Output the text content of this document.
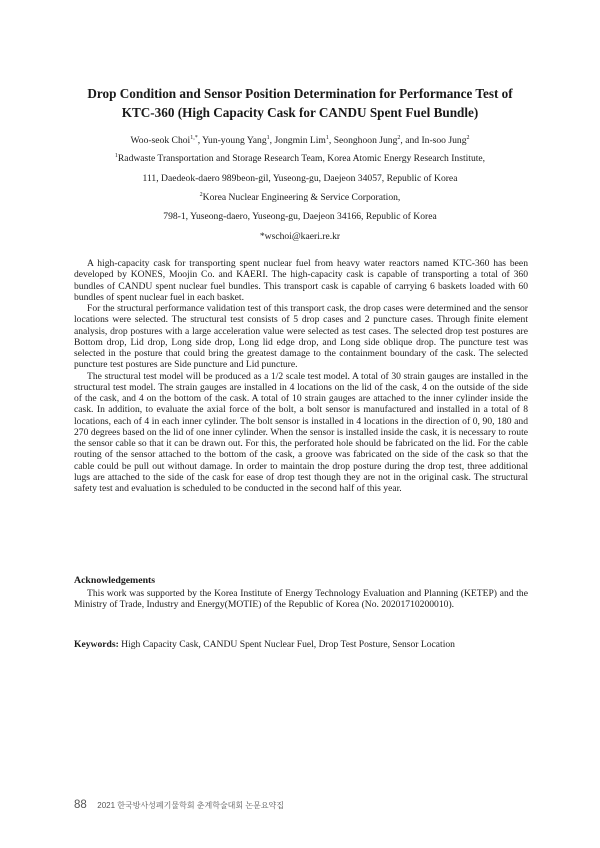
Drop Condition and Sensor Position Determination for Performance Test of
KTC-360 (High Capacity Cask for CANDU Spent Fuel Bundle)
Woo-seok Choi$^{1,*}$, Yun-young Yang$^1$, Jongmin Lim$^1$, Seonghoon Jung$^2$, and In-soo Jung$^2$
$^1$Radwaste Transportation and Storage Research Team, Korea Atomic Energy Research Institute,
111, Daedeok-daero 989beon-gil, Yuseong-gu, Daejeon 34057, Republic of Korea
$^2$Korea Nuclear Engineering & Service Corporation,
798-1, Yuseong-daero, Yuseong-gu, Daejeon 34166, Republic of Korea
*wschoi@kaeri.re.kr

A high-capacity cask for transporting spent nuclear fuel from heavy water reactors named KTC-360 has been developed by KONES, Moojin Co. and KAERI. The high-capacity cask is capable of transporting a total of 360 bundles of CANDU spent nuclear fuel bundles. This transport cask is capable of carrying 6 baskets loaded with 60 bundles of spent nuclear fuel in each basket.

For the structural performance validation test of this transport cask, the drop cases were determined and the sensor locations were selected. The structural test consists of 5 drop cases and 2 puncture cases. Through finite element analysis, drop postures with a large acceleration value were selected as test cases. The selected drop test postures are Bottom drop, Lid drop, Long side drop, Long lid edge drop, and Long side oblique drop. The puncture test was selected in the posture that could bring the greatest damage to the containment boundary of the cask. The selected puncture test postures are Side puncture and Lid puncture.

The structural test model will be produced as a 1/2 scale test model. A total of 30 strain gauges are installed in the structural test model. The strain gauges are installed in 4 locations on the lid of the cask, 4 on the outside of the side of the cask, and 4 on the bottom of the cask. A total of 10 strain gauges are attached to the inner cylinder inside the cask. In addition, to evaluate the axial force of the bolt, a bolt sensor is manufactured and installed in a total of 8 locations, each of 4 in each inner cylinder. The bolt sensor is installed in 4 locations in the direction of 0, 90, 180 and 270 degrees based on the lid of one inner cylinder. When the sensor is installed inside the cask, it is necessary to route the sensor cable so that it can be drawn out. For this, the perforated hole should be fabricated on the lid. For the cable routing of the sensor attached to the bottom of the cask, a groove was fabricated on the side of the cask so that the cable could be pull out without damage. In order to maintain the drop posture during the drop test, three additional lugs are attached to the side of the cask for ease of drop test though they are not in the original cask. The structural safety test and evaluation is scheduled to be conducted in the second half of this year.

Acknowledgements

This work was supported by the Korea Institute of Energy Technology Evaluation and Planning (KETEP) and the Ministry of Trade, Industry and Energy(MOTIE) of the Republic of Korea (No. 20201710200010).

Keywords: High Capacity Cask, CANDU Spent Nuclear Fuel, Drop Test Posture, Sensor Location
88 2021 한국방사성폐기물학회 춘계학술대회 논문요약집
